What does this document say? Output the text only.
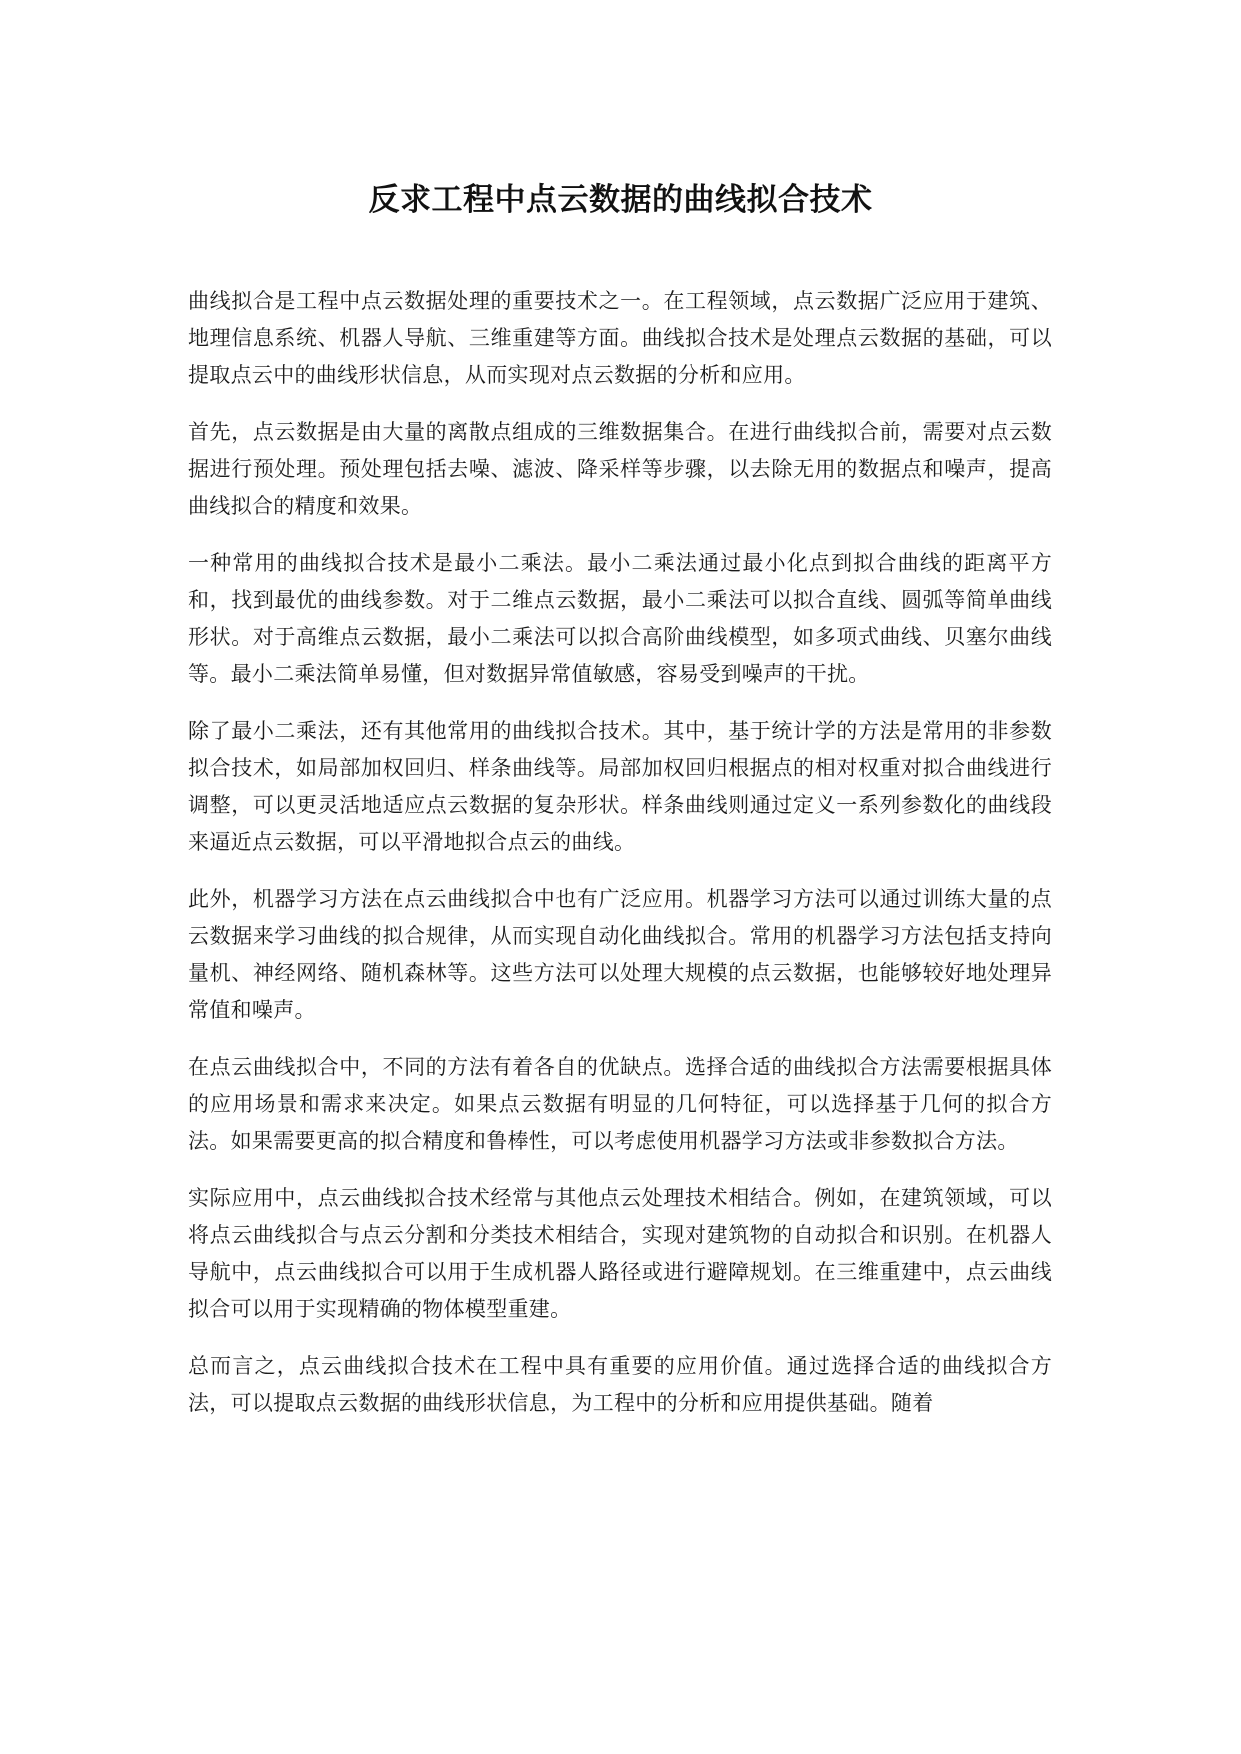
反求工程中点云数据的曲线拟合技术

曲线拟合是工程中点云数据处理的重要技术之一。在工程领域，点云数据广泛应用于建筑、地理信息系统、机器人导航、三维重建等方面。曲线拟合技术是处理点云数据的基础，可以提取点云中的曲线形状信息，从而实现对点云数据的分析和应用。

首先，点云数据是由大量的离散点组成的三维数据集合。在进行曲线拟合前，需要对点云数据进行预处理。预处理包括去噪、滤波、降采样等步骤，以去除无用的数据点和噪声，提高曲线拟合的精度和效果。

一种常用的曲线拟合技术是最小二乘法。最小二乘法通过最小化点到拟合曲线的距离平方和，找到最优的曲线参数。对于二维点云数据，最小二乘法可以拟合直线、圆弧等简单曲线形状。对于高维点云数据，最小二乘法可以拟合高阶曲线模型，如多项式曲线、贝塞尔曲线等。最小二乘法简单易懂，但对数据异常值敏感，容易受到噪声的干扰。

除了最小二乘法，还有其他常用的曲线拟合技术。其中，基于统计学的方法是常用的非参数拟合技术，如局部加权回归、样条曲线等。局部加权回归根据点的相对权重对拟合曲线进行调整，可以更灵活地适应点云数据的复杂形状。样条曲线则通过定义一系列参数化的曲线段来逼近点云数据，可以平滑地拟合点云的曲线。

此外，机器学习方法在点云曲线拟合中也有广泛应用。机器学习方法可以通过训练大量的点云数据来学习曲线的拟合规律，从而实现自动化曲线拟合。常用的机器学习方法包括支持向量机、神经网络、随机森林等。这些方法可以处理大规模的点云数据，也能够较好地处理异常值和噪声。

在点云曲线拟合中，不同的方法有着各自的优缺点。选择合适的曲线拟合方法需要根据具体的应用场景和需求来决定。如果点云数据有明显的几何特征，可以选择基于几何的拟合方法。如果需要更高的拟合精度和鲁棒性，可以考虑使用机器学习方法或非参数拟合方法。

实际应用中，点云曲线拟合技术经常与其他点云处理技术相结合。例如，在建筑领域，可以将点云曲线拟合与点云分割和分类技术相结合，实现对建筑物的自动拟合和识别。在机器人导航中，点云曲线拟合可以用于生成机器人路径或进行避障规划。在三维重建中，点云曲线拟合可以用于实现精确的物体模型重建。

总而言之，点云曲线拟合技术在工程中具有重要的应用价值。通过选择合适的曲线拟合方法，可以提取点云数据的曲线形状信息，为工程中的分析和应用提供基础。随着
